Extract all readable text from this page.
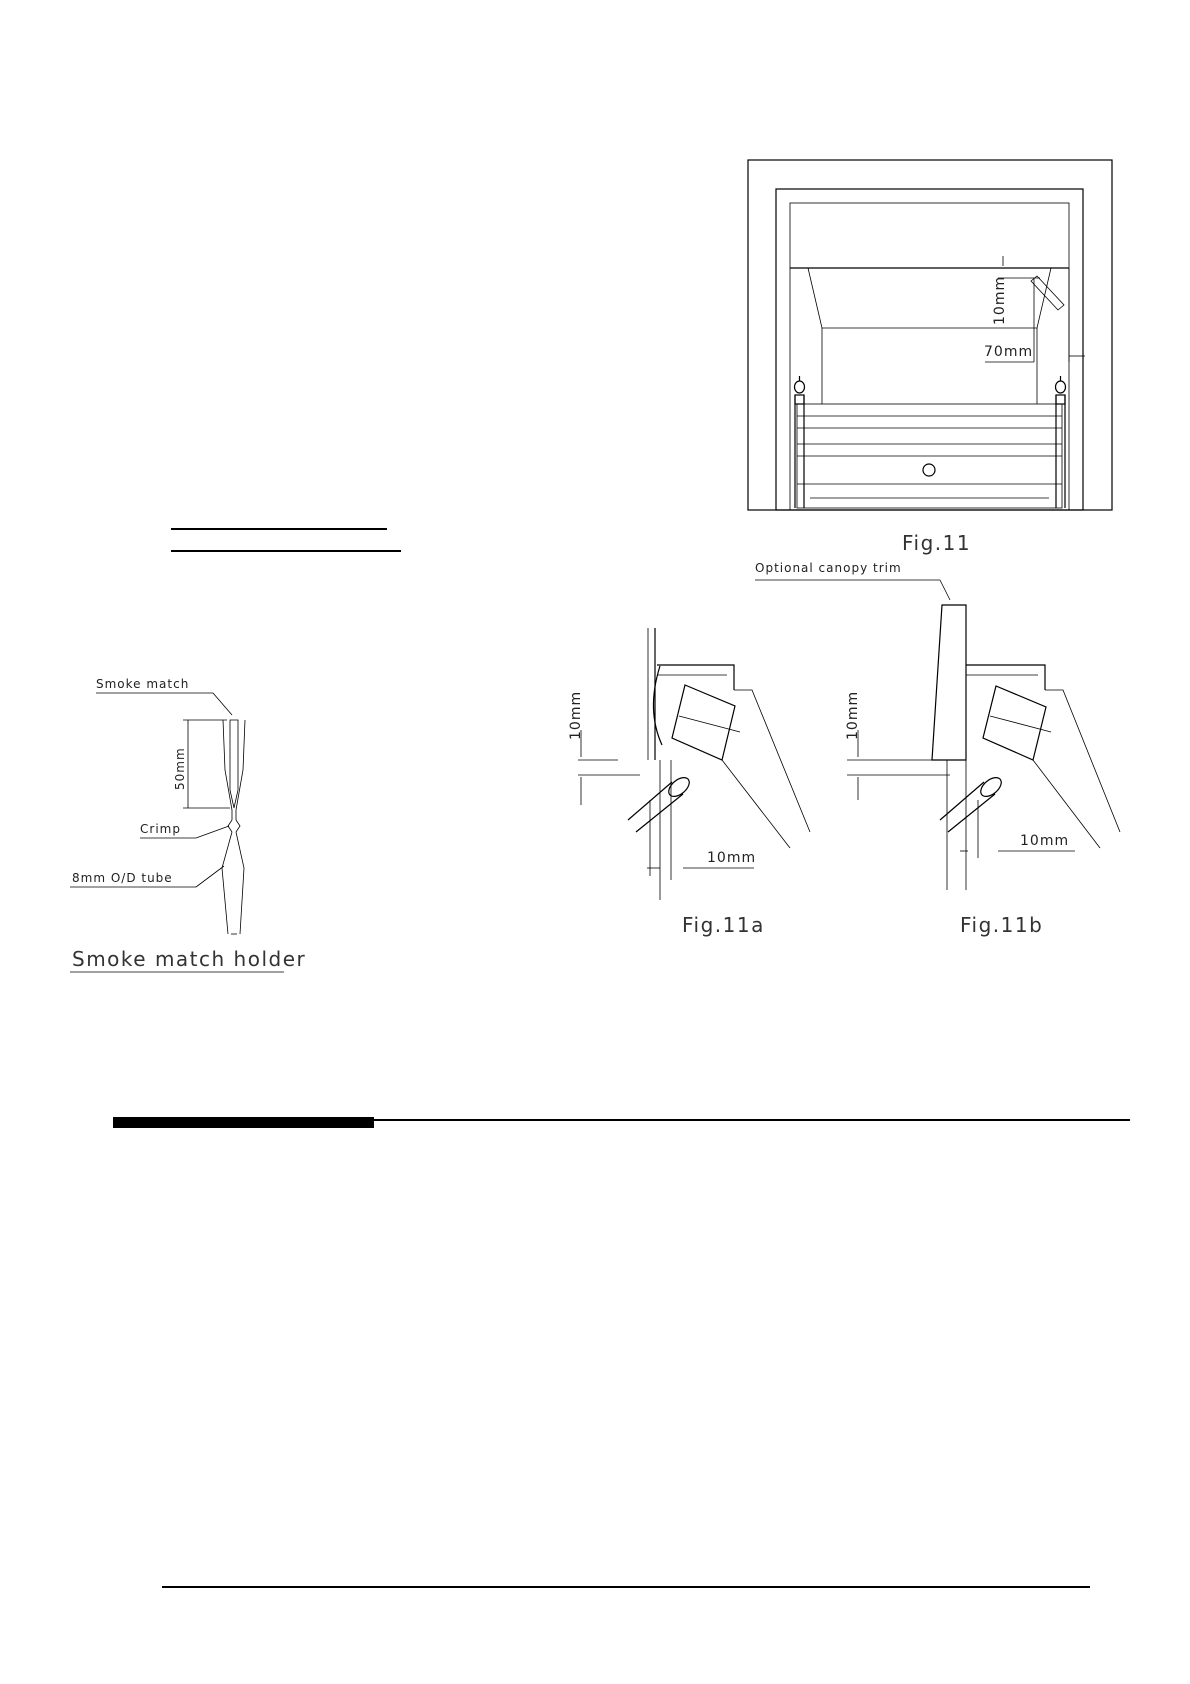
10mm
70mm
Fig.11
10mm
10mm
Fig.11a
10mm
10mm
Optional canopy trim
Fig.11b
50mm
Smoke match
Crimp
8mm O/D tube
Smoke match holder
